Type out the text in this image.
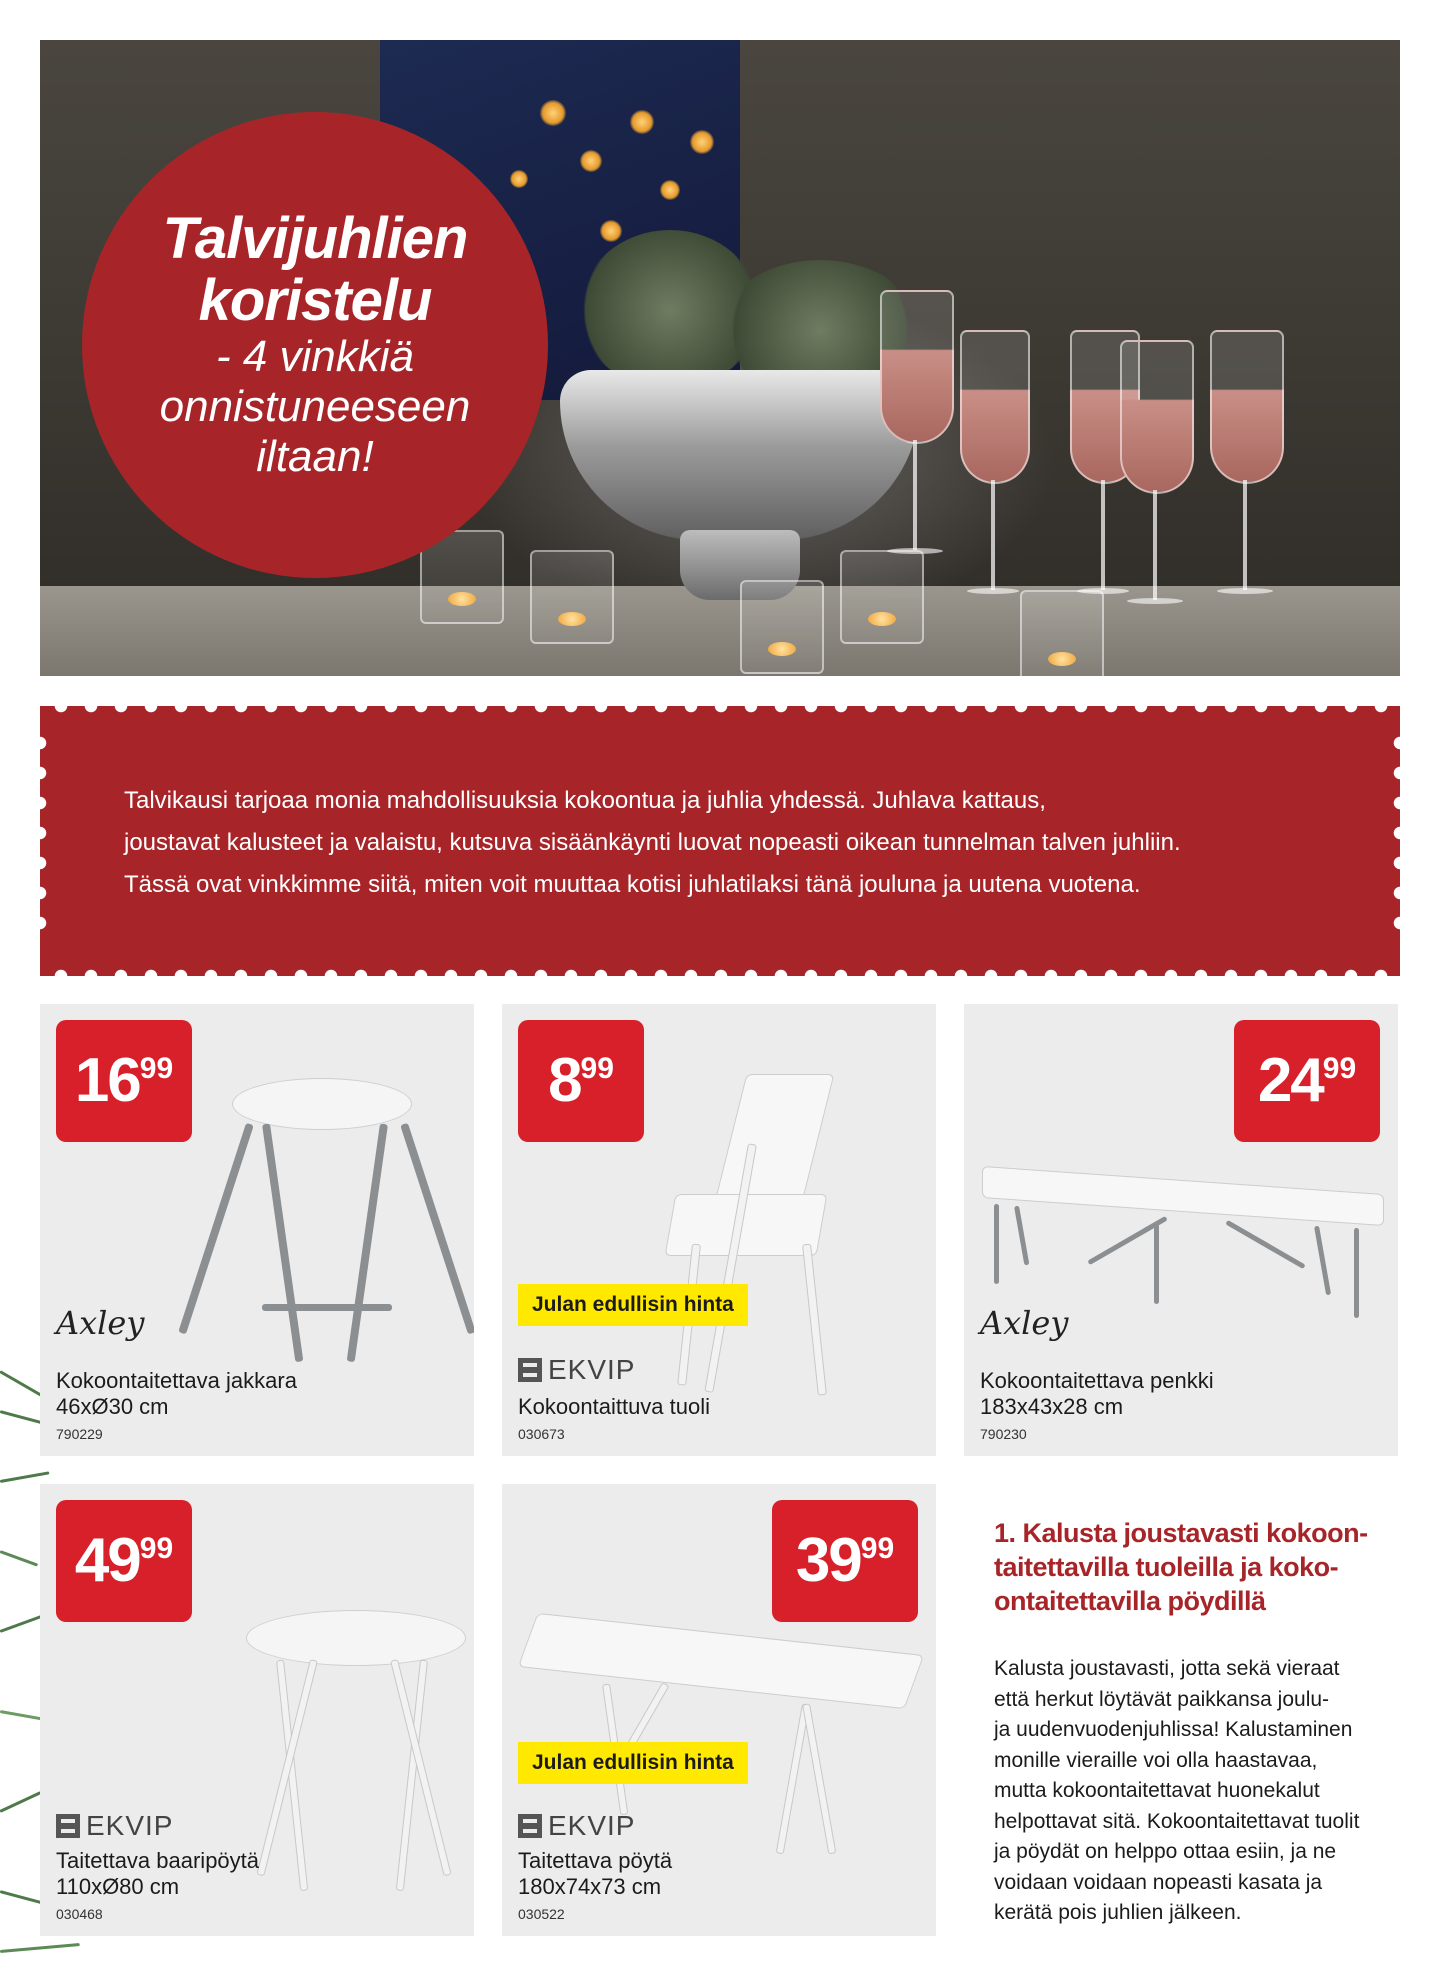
Talvijuhlien
koristelu
- 4 vinkkiä
onnistuneeseen
iltaan!

Talvikausi tarjoaa monia mahdollisuuksia kokoontua ja juhlia yhdessä. Juhlava kattaus,
joustavat kalusteet ja valaistu, kutsuva sisäänkäynti luovat nopeasti oikean tunnelman talven juhliin.
Tässä ovat vinkkimme siitä, miten voit muuttaa kotisi juhlatilaksi tänä jouluna ja uutena vuotena.

16 99
Axley
Kokoontaitettava jakkara
46xØ30 cm
790229
8 99
Julan edullisin hinta
EKVIP
Kokoontaittuva tuoli
030673
24 99
Axley
Kokoontaitettava penkki
183x43x28 cm
790230
49 99
EKVIP
Taitettava baaripöytä
110xØ80 cm
030468
39 99
Julan edullisin hinta
EKVIP
Taitettava pöytä
180x74x73 cm
030522
1. Kalusta joustavasti kokoon-
taitettavilla tuoleilla ja koko-
ontaitettavilla pöydillä

Kalusta joustavasti, jotta sekä vieraat
että herkut löytävät paikkansa joulu-
ja uudenvuodenjuhlissa! Kalustaminen
monille vieraille voi olla haastavaa,
mutta kokoontaitettavat huonekalut
helpottavat sitä. Kokoontaitettavat tuolit
ja pöydät on helppo ottaa esiin, ja ne
voidaan voidaan nopeasti kasata ja
kerätä pois juhlien jälkeen.
